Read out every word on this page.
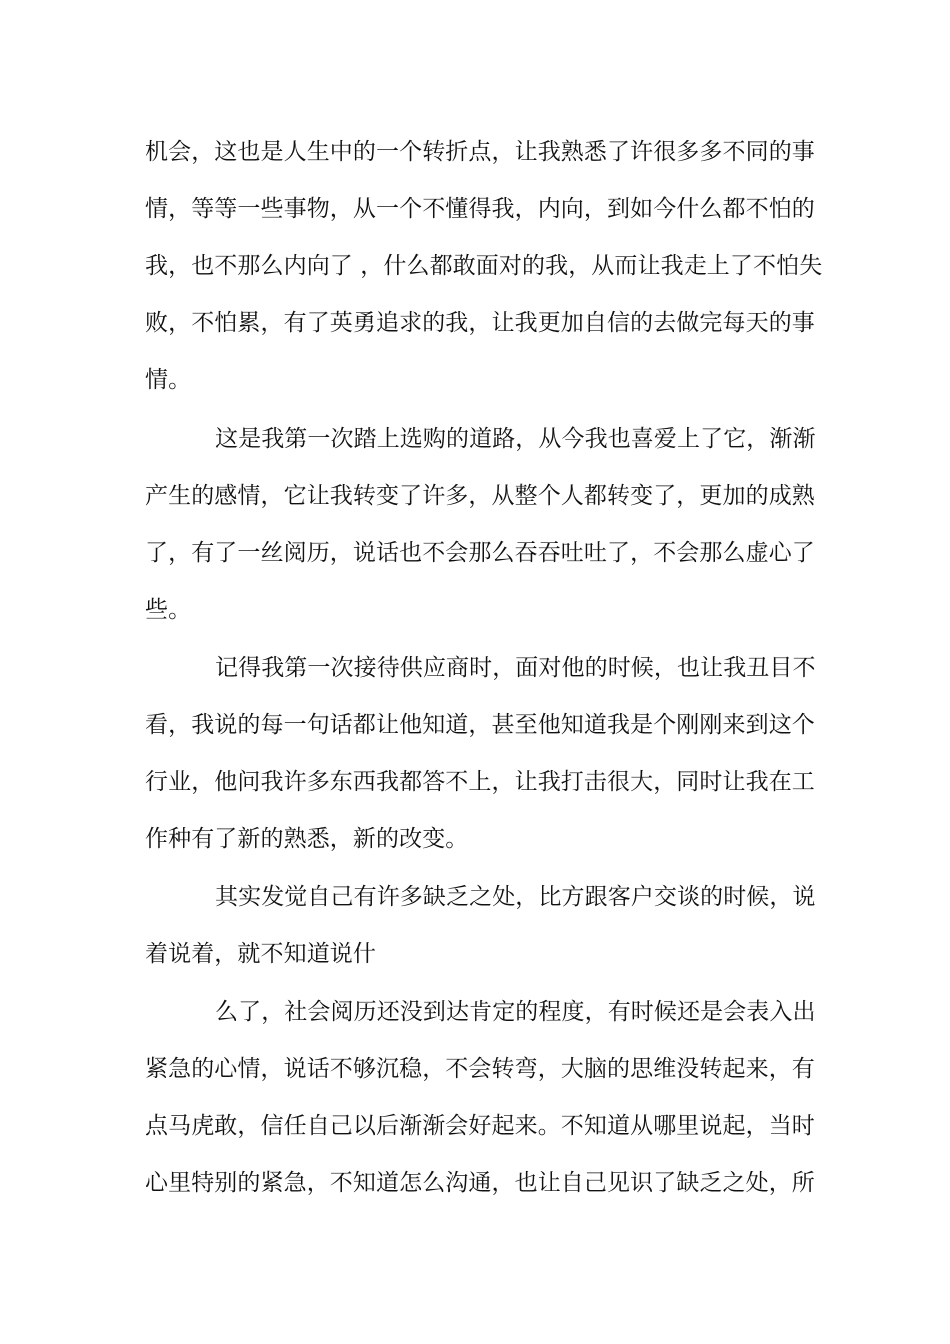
机会，这也是人生中的一个转折点，让我熟悉了许很多多不同的事
情，等等一些事物，从一个不懂得我，内向，到如今什么都不怕的
我，也不那么内向了 ，什么都敢面对的我，从而让我走上了不怕失
败，不怕累，有了英勇追求的我，让我更加自信的去做完每天的事
情。
这是我第一次踏上选购的道路，从今我也喜爱上了它，渐渐
产生的感情，它让我转变了许多，从整个人都转变了，更加的成熟
了，有了一丝阅历，说话也不会那么吞吞吐吐了，不会那么虚心了
些。
记得我第一次接待供应商时，面对他的时候，也让我丑目不
看，我说的每一句话都让他知道，甚至他知道我是个刚刚来到这个
行业，他问我许多东西我都答不上，让我打击很大，同时让我在工
作种有了新的熟悉，新的改变。
其实发觉自己有许多缺乏之处，比方跟客户交谈的时候，说
着说着，就不知道说什
么了，社会阅历还没到达肯定的程度，有时候还是会表入出
紧急的心情，说话不够沉稳，不会转弯，大脑的思维没转起来，有
点马虎敢，信任自己以后渐渐会好起来。不知道从哪里说起，当时
心里特别的紧急，不知道怎么沟通，也让自己见识了缺乏之处，所
